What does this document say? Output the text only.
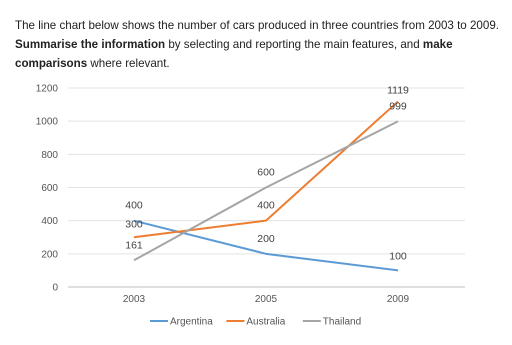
The line chart below shows the number of cars produced in three countries from 2003 to 2009. Summarise the information by selecting and reporting the main features, and make comparisons where relevant.
0
200
400
600
800
1000
1200
2003	2005	2009
400
200
100
300
400
1119
161
600
999
Argentina	Australia	Thailand
